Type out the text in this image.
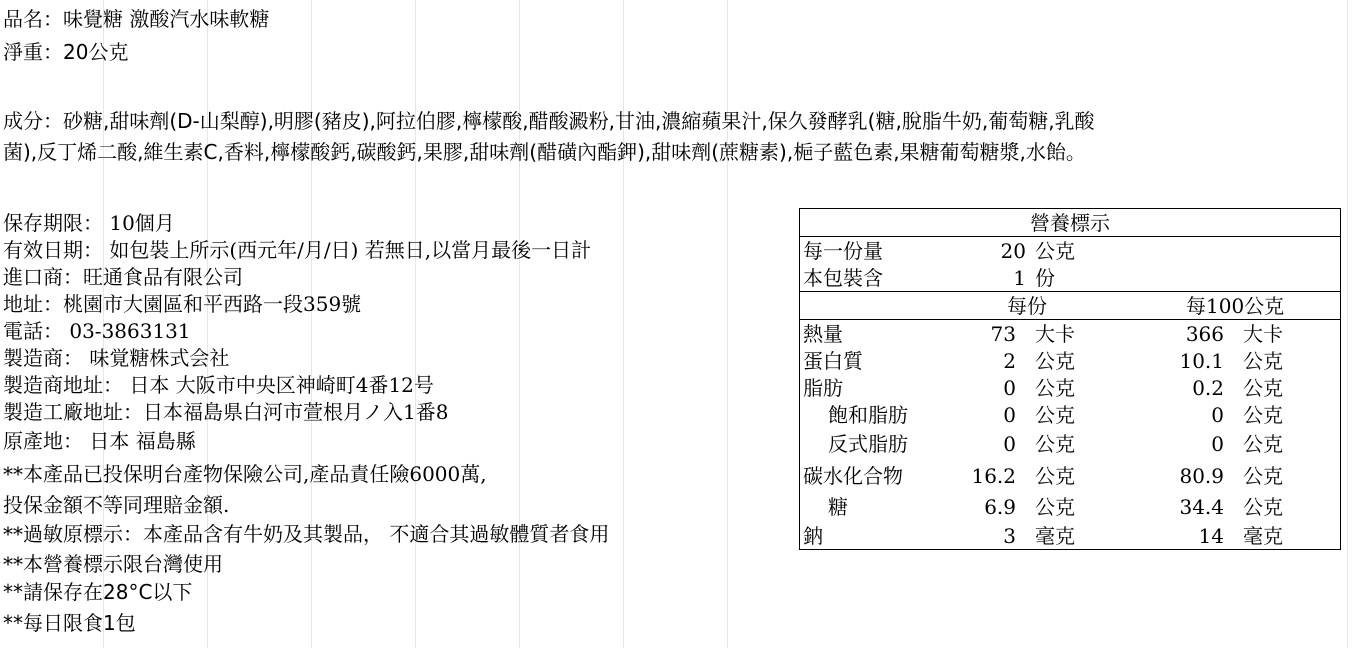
品名：味覺糖 激酸汽水味軟糖
淨重：20公克
成分：砂糖,甜味劑(D-山梨醇),明膠(豬皮),阿拉伯膠,檸檬酸,醋酸澱粉,甘油,濃縮蘋果汁,保久發酵乳(糖,脫脂牛奶,葡萄糖,乳酸
菌),反丁烯二酸,維生素C,香料,檸檬酸鈣,碳酸鈣,果膠,甜味劑(醋磺內酯鉀),甜味劑(蔗糖素),梔子藍色素,果糖葡萄糖漿,水飴。
保存期限： 10個月
有效日期： 如包裝上所示(西元年/月/日) 若無日,以當月最後一日計
進口商：旺通食品有限公司
地址：桃園市大園區和平西路一段359號
電話： 03-3863131
製造商： 味覚糖株式会社
製造商地址： 日本 大阪市中央区神崎町4番12号
製造工廠地址：日本福島県白河市萱根月ノ入1番8
原產地： 日本 福島縣
**本產品已投保明台產物保險公司,產品責任險6000萬,
投保金額不等同理賠金額.
**過敏原標示：本產品含有牛奶及其製品， 不適合其過敏體質者食用
**本營養標示限台灣使用
**請保存在28°C以下
**每日限食1包
營養標示
每一份量	20 公克
本包裝含	1 份
每份	每100公克
熱量	73 大卡	366 大卡
蛋白質	2 公克	10.1 公克
脂肪	0 公克	0.2 公克
飽和脂肪	0 公克	0 公克
反式脂肪	0 公克	0 公克
碳水化合物	16.2 公克	80.9 公克
糖	6.9 公克	34.4 公克
鈉	3 毫克	14 毫克
